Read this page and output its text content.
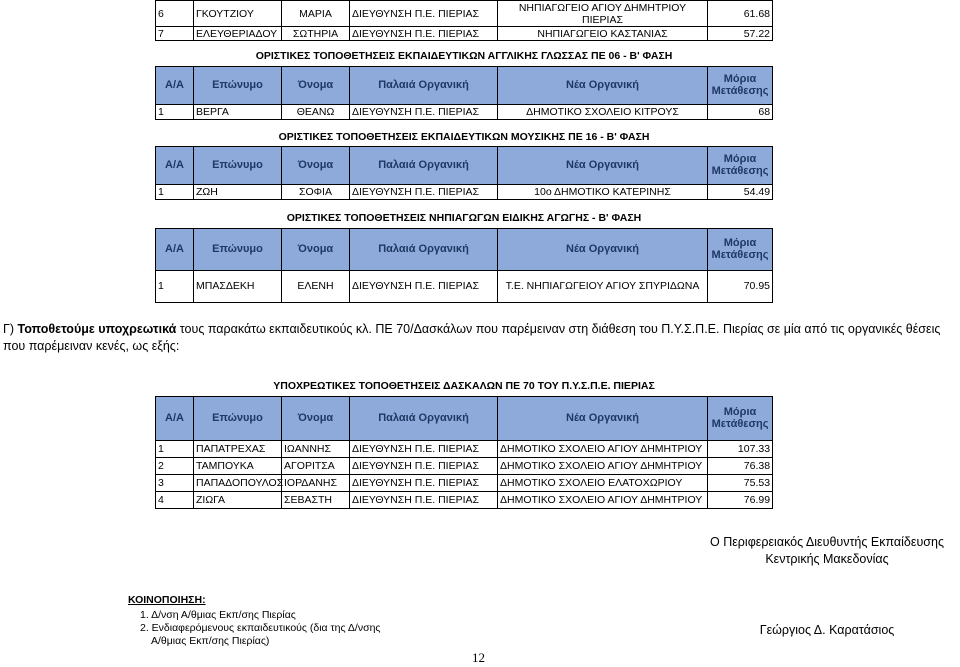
6	ΓΚΟΥΤΖΙΟΥ	ΜΑΡΙΑ	ΔΙΕΥΘΥΝΣΗ Π.Ε. ΠΙΕΡΙΑΣ	ΝΗΠΙΑΓΩΓΕΙΟ ΑΓΙΟΥ ΔΗΜΗΤΡΙΟΥ ΠΙΕΡΙΑΣ	61.68
7	ΕΛΕΥΘΕΡΙΑΔΟΥ	ΣΩΤΗΡΙΑ	ΔΙΕΥΘΥΝΣΗ Π.Ε. ΠΙΕΡΙΑΣ	ΝΗΠΙΑΓΩΓΕΙΟ ΚΑΣΤΑΝΙΑΣ	57.22
ΟΡΙΣΤΙΚΕΣ ΤΟΠΟΘΕΤΗΣΕΙΣ ΕΚΠΑΙΔΕΥΤΙΚΩΝ ΑΓΓΛΙΚΗΣ ΓΛΩΣΣΑΣ ΠΕ 06 - Β' ΦΑΣΗ					
Α/Α	Επώνυμο	Όνομα	Παλαιά Οργανική	Νέα Οργανική	Μόρια Μετάθεσης
1	ΒΕΡΓΑ	ΘΕΑΝΩ	ΔΙΕΥΘΥΝΣΗ Π.Ε. ΠΙΕΡΙΑΣ	ΔΗΜΟΤΙΚΟ ΣΧΟΛΕΙΟ ΚΙΤΡΟΥΣ	68
ΟΡΙΣΤΙΚΕΣ ΤΟΠΟΘΕΤΗΣΕΙΣ ΕΚΠΑΙΔΕΥΤΙΚΩΝ ΜΟΥΣΙΚΗΣ ΠΕ 16 - Β' ΦΑΣΗ					
Α/Α	Επώνυμο	Όνομα	Παλαιά Οργανική	Νέα Οργανική	Μόρια Μετάθεσης
1	ΖΩΗ	ΣΟΦΙΑ	ΔΙΕΥΘΥΝΣΗ Π.Ε. ΠΙΕΡΙΑΣ	10ο ΔΗΜΟΤΙΚΟ ΚΑΤΕΡΙΝΗΣ	54.49
ΟΡΙΣΤΙΚΕΣ ΤΟΠΟΘΕΤΗΣΕΙΣ ΝΗΠΙΑΓΩΓΩΝ ΕΙΔΙΚΗΣ ΑΓΩΓΗΣ - Β' ΦΑΣΗ					
Α/Α	Επώνυμο	Όνομα	Παλαιά Οργανική	Νέα Οργανική	Μόρια Μετάθεσης
1	ΜΠΑΣΔΕΚΗ	ΕΛΕΝΗ	ΔΙΕΥΘΥΝΣΗ Π.Ε. ΠΙΕΡΙΑΣ	Τ.Ε. ΝΗΠΙΑΓΩΓΕΙΟΥ ΑΓΙΟΥ ΣΠΥΡΙΔΩΝΑ	70.95
Γ) Τοποθετούμε υποχρεωτικά τους παρακάτω εκπαιδευτικούς κλ. ΠΕ 70/Δασκάλων που παρέμειναν στη διάθεση του Π.Υ.Σ.Π.Ε. Πιερίας σε μία από τις οργανικές θέσεις που παρέμειναν κενές, ως εξής:
ΥΠΟΧΡΕΩΤΙΚΕΣ ΤΟΠΟΘΕΤΗΣΕΙΣ ΔΑΣΚΑΛΩΝ ΠΕ 70 ΤΟΥ Π.Υ.Σ.Π.Ε. ΠΙΕΡΙΑΣ					
Α/Α	Επώνυμο	Όνομα	Παλαιά Οργανική	Νέα Οργανική	Μόρια Μετάθεσης
1	ΠΑΠΑΤΡΕΧΑΣ	ΙΩΑΝΝΗΣ	ΔΙΕΥΘΥΝΣΗ Π.Ε. ΠΙΕΡΙΑΣ	ΔΗΜΟΤΙΚΟ ΣΧΟΛΕΙΟ ΑΓΙΟΥ ΔΗΜΗΤΡΙΟΥ	107.33
2	ΤΑΜΠΟΥΚΑ	ΑΓΟΡΙΤΣΑ	ΔΙΕΥΘΥΝΣΗ Π.Ε. ΠΙΕΡΙΑΣ	ΔΗΜΟΤΙΚΟ ΣΧΟΛΕΙΟ ΑΓΙΟΥ ΔΗΜΗΤΡΙΟΥ	76.38
3	ΠΑΠΑΔΟΠΟΥΛΟΣ	ΙΟΡΔΑΝΗΣ	ΔΙΕΥΘΥΝΣΗ Π.Ε. ΠΙΕΡΙΑΣ	ΔΗΜΟΤΙΚΟ ΣΧΟΛΕΙΟ ΕΛΑΤΟΧΩΡΙΟΥ	75.53
4	ΖΙΩΓΑ	ΣΕΒΑΣΤΗ	ΔΙΕΥΘΥΝΣΗ Π.Ε. ΠΙΕΡΙΑΣ	ΔΗΜΟΤΙΚΟ ΣΧΟΛΕΙΟ ΑΓΙΟΥ ΔΗΜΗΤΡΙΟΥ	76.99
Ο Περιφερειακός Διευθυντής Εκπαίδευσης
Κεντρικής Μακεδονίας
Γεώργιος Δ. Καρατάσιος
ΚΟΙΝΟΠΟΙΗΣΗ:
1. Δ/νση Α/θμιας Εκπ/σης Πιερίας
2. Ενδιαφερόμενους εκπαιδευτικούς (δια της Δ/νσης
Α/θμιας Εκπ/σης Πιερίας)
12
